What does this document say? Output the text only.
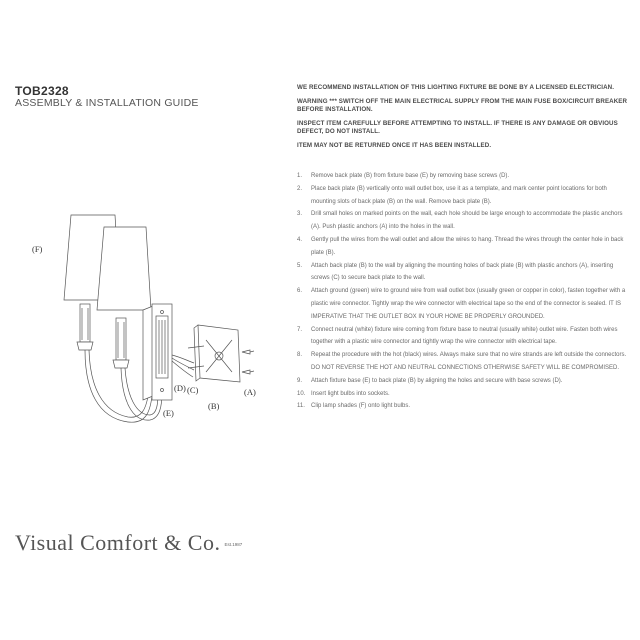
TOB2328
ASSEMBLY & INSTALLATION GUIDE

WE RECOMMEND INSTALLATION OF THIS LIGHTING FIXTURE BE DONE BY A LICENSED ELECTRICIAN.

WARNING *** SWITCH OFF THE MAIN ELECTRICAL SUPPLY FROM THE MAIN FUSE BOX/CIRCUIT BREAKER BEFORE INSTALLATION.

INSPECT ITEM CAREFULLY BEFORE ATTEMPTING TO INSTALL. IF THERE IS ANY DAMAGE OR OBVIOUS DEFECT, DO NOT INSTALL.

ITEM MAY NOT BE RETURNED ONCE IT HAS BEEN INSTALLED.

1.	Remove back plate (B) from fixture base (E) by removing base screws (D).
2.	Place back plate (B) vertically onto wall outlet box, use it as a template, and mark center point locations for both mounting slots of back plate (B) on the wall. Remove back plate (B).
3.	Drill small holes on marked points on the wall, each hole should be large enough to accommodate the plastic anchors (A). Push plastic anchors (A) into the holes in the wall.
4.	Gently pull the wires from the wall outlet and allow the wires to hang. Thread the wires through the center hole in back plate (B).
5.	Attach back plate (B) to the wall by aligning the mounting holes of back plate (B) with plastic anchors (A), inserting screws (C) to secure back plate to the wall.
6.	Attach ground (green) wire to ground wire from wall outlet box (usually green or copper in color), fasten together with a plastic wire connector. Tightly wrap the wire connector with electrical tape so the end of the connector is sealed. IT IS IMPERATIVE THAT THE OUTLET BOX IN YOUR HOME BE PROPERLY GROUNDED.
7.	Connect neutral (white) fixture wire coming from fixture base to neutral (usually white) outlet wire. Fasten both wires together with a plastic wire connector and tightly wrap the wire connector with electrical tape.
8.	Repeat the procedure with the hot (black) wires. Always make sure that no wire strands are left outside the connectors. DO NOT REVERSE THE HOT AND NEUTRAL CONNECTIONS OTHERWISE SAFETY WILL BE COMPROMISED.
9.	Attach fixture base (E) to back plate (B) by aligning the holes and secure with base screws (D).
10. Insert light bulbs into sockets.
11.	Clip lamp shades (F) onto light bulbs.
(F)
(D) (C)	(A)
(B)
(E)
Visual Comfort & Co. Est.1987
